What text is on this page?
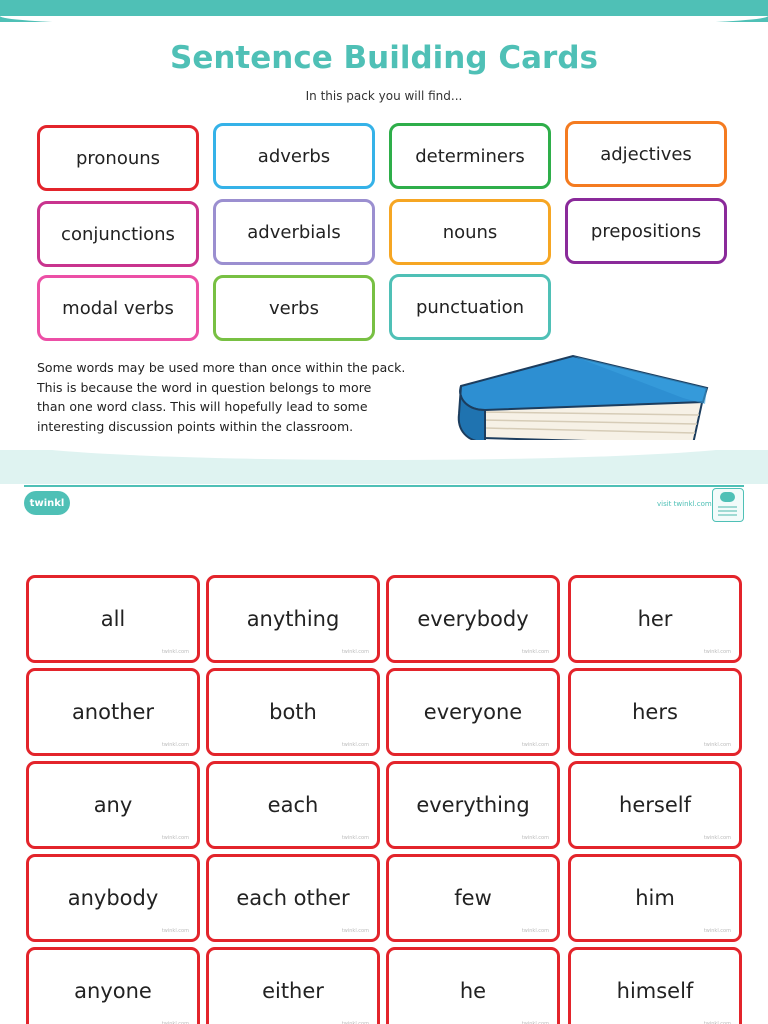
Sentence Building Cards
In this pack you will find...
pronouns	adverbs	determiners	adjectives
conjunctions	adverbials	nouns	prepositions
modal verbs	verbs	punctuation
Some words may be used more than once within the pack.
This is because the word in question belongs to more
than one word class. This will hopefully lead to some
interesting discussion points within the classroom.
twinkl	visit twinkl.com
all
twinkl.com
anything
twinkl.com
everybody
twinkl.com
her
twinkl.com
another
twinkl.com
both
twinkl.com
everyone
twinkl.com
hers
twinkl.com
any
twinkl.com
each
twinkl.com
everything
twinkl.com
herself
twinkl.com
anybody
twinkl.com
each other
twinkl.com
few
twinkl.com
him
twinkl.com
anyone
twinkl.com
either
twinkl.com
he
twinkl.com
himself
twinkl.com
